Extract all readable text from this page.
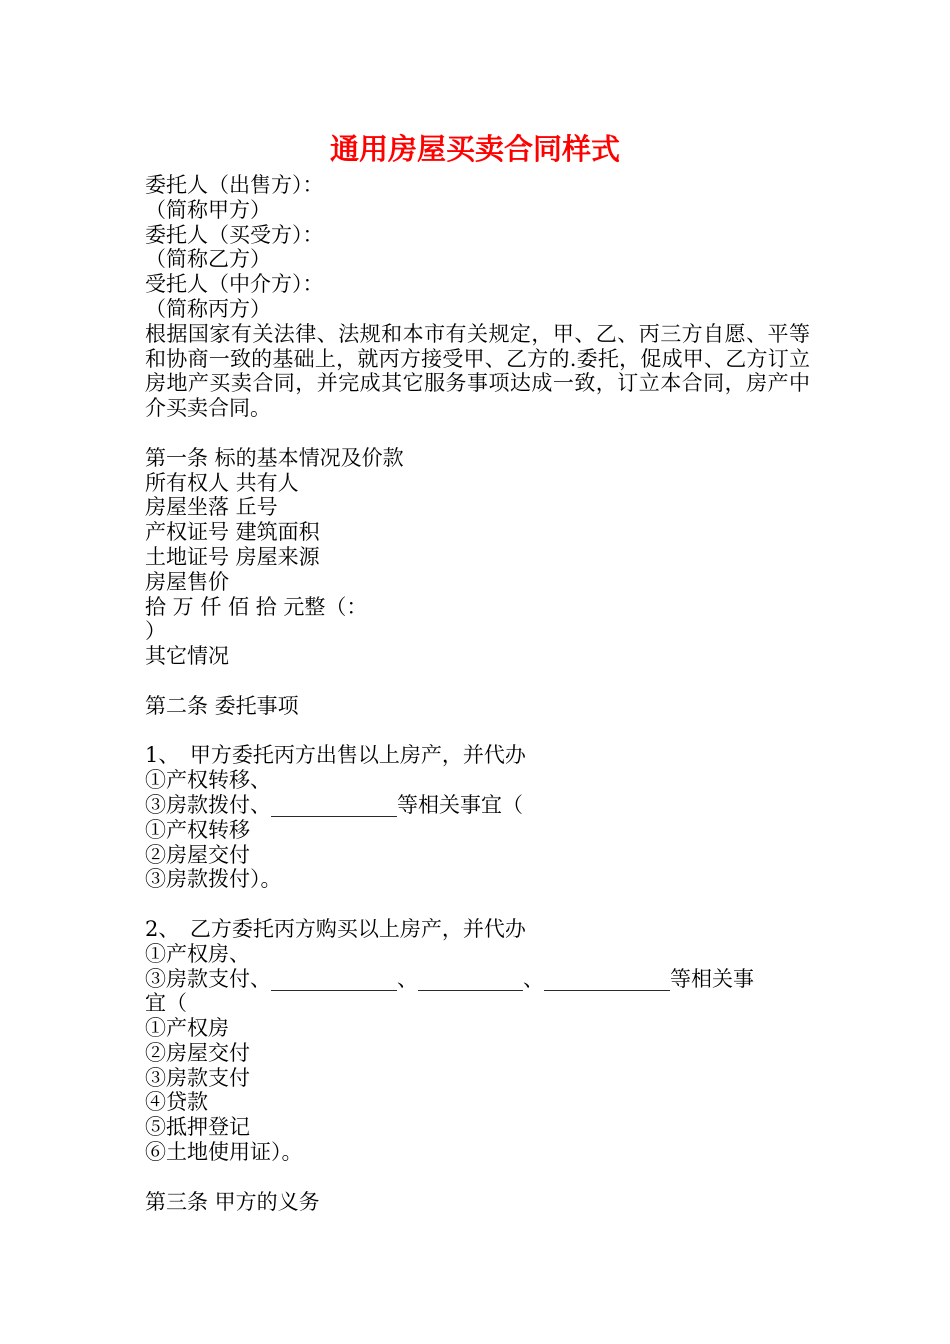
通用房屋买卖合同样式
委托人（出售方）：
（简称甲方）
委托人（买受方）：
（简称乙方）
受托人（中介方）：
（简称丙方）
根据国家有关法律、法规和本市有关规定，甲、乙、丙三方自愿、平等和协商一致的基础上，就丙方接受甲、乙方的.委托，促成甲、乙方订立房地产买卖合同，并完成其它服务事项达成一致，订立本合同，房产中介买卖合同。
第一条 标的基本情况及价款
所有权人 共有人
房屋坐落 丘号
产权证号 建筑面积
土地证号 房屋来源
房屋售价
拾 万 仟 佰 拾 元整（：
）
其它情况
第二条 委托事项
1、　甲方委托丙方出售以上房产，并代办
①产权转移、
③房款拨付、____________等相关事宜（
①产权转移
②房屋交付
③房款拨付）。
2、　乙方委托丙方购买以上房产，并代办
①产权房、
③房款支付、____________、__________、____________等相关事
宜（
①产权房
②房屋交付
③房款支付
④贷款
⑤抵押登记
⑥土地使用证）。
第三条 甲方的义务
